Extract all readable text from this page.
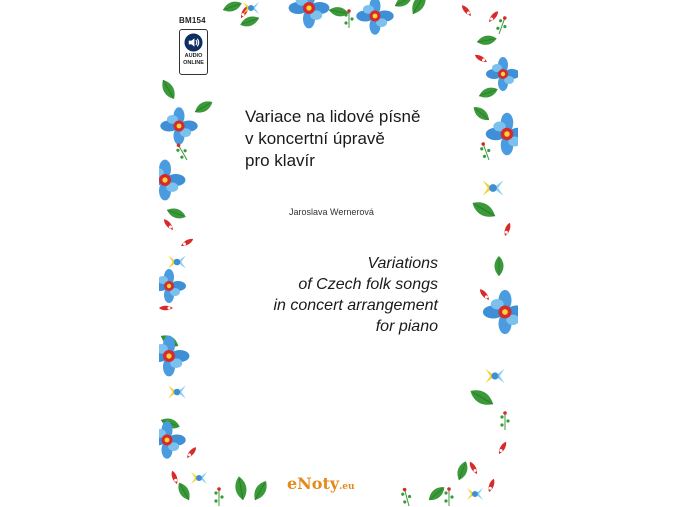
BM154
AUDIO
ONLINE
Variace na lidové písně
v koncertní úpravě
pro klavír
Jaroslava Wernerová
Variations
of Czech folk songs
in concert arrangement
for piano
eNoty.eu
